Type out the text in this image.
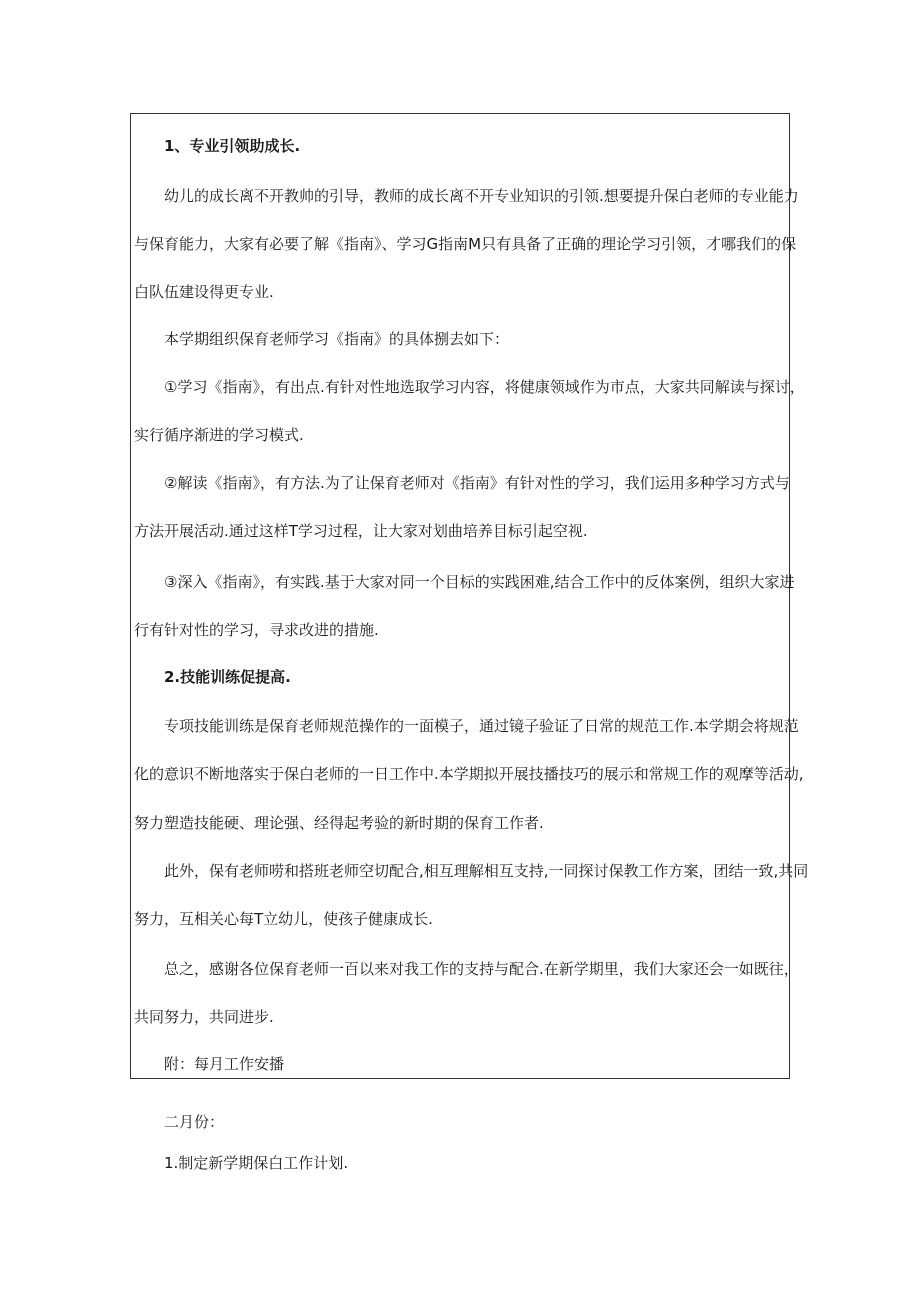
1、专业引领助成长.
幼儿的成长离不开教帅的引导，教师的成长离不开专业知识的引领.想要提升保白老师的专业能力
与保育能力，大家有必要了解《指南》、学习G指南M只有具备了正确的理论学习引领，才哪我们的保
白队伍建设得更专业.
本学期组织保育老师学习《指南》的具体捌去如下：
①学习《指南》，有出点.有针对性地选取学习内容，将健康领域作为市点，大家共同解读与探讨，
实行循序渐进的学习模式.
②解读《指南》，有方法.为了让保育老师对《指南》有针对性的学习，我们运用多种学习方式与
方法开展活动.通过这样T学习过程，让大家对划曲培养目标引起空视.
③深入《指南》，有实践.基于大家对同一个目标的实践困难,结合工作中的反体案例，组织大家进
行有针对性的学习，寻求改进的措施.
2.技能训练促提高.
专项技能训练是保育老师规范操作的一面模子，通过镜子验证了日常的规范工作.本学期会将规范
化的意识不断地落实于保白老师的一日工作中.本学期拟开展技播技巧的展示和常规工作的观摩等活动,
努力塑造技能硬、理论强、经得起考验的新时期的保育工作者.
此外，保有老师唠和搭班老师空切配合,相互理解相互支持,一同探讨保教工作方案，团结一致,共同
努力，互相关心每T立幼儿，使孩子健康成长.
总之，感谢各位保育老师一百以来对我工作的支持与配合.在新学期里，我们大家还会一如既往，
共同努力，共同进步.
附：每月工作安播
二月份：
1.制定新学期保白工作计划.
